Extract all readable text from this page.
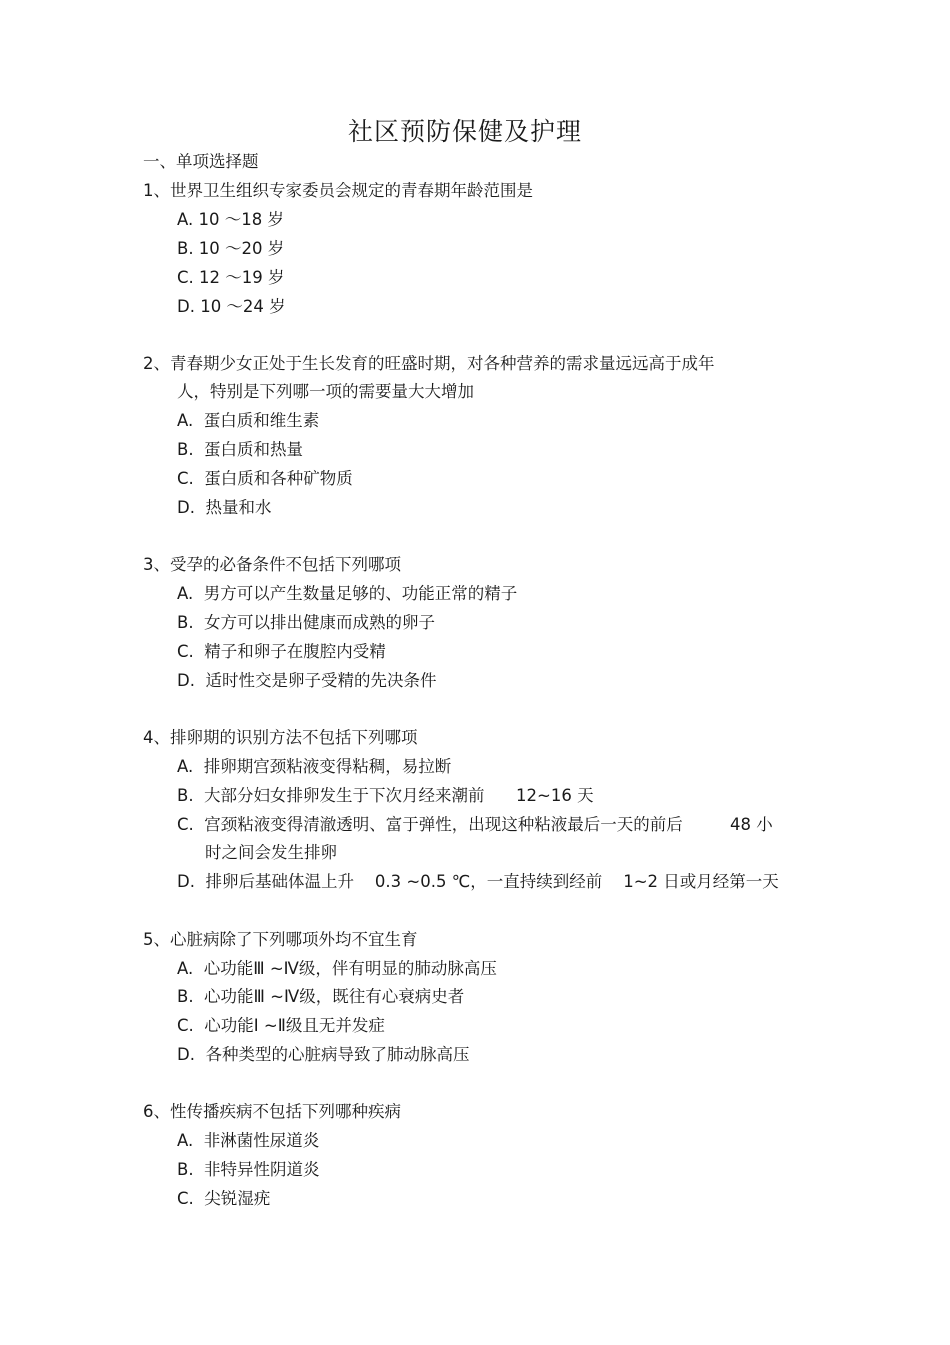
社区预防保健及护理
一、单项选择题
1、世界卫生组织专家委员会规定的青春期年龄范围是
A. 10 ～18 岁
B. 10 ～20 岁
C. 12 ～19 岁
D. 10 ～24 岁
2、青春期少女正处于生长发育的旺盛时期，对各种营养的需求量远远高于成年
人，特别是下列哪一项的需要量大大增加
A.  蛋白质和维生素
B.  蛋白质和热量
C.  蛋白质和各种矿物质
D.  热量和水
3、受孕的必备条件不包括下列哪项
A.  男方可以产生数量足够的、功能正常的精子
B.  女方可以排出健康而成熟的卵子
C.  精子和卵子在腹腔内受精
D.  适时性交是卵子受精的先决条件
4、排卵期的识别方法不包括下列哪项
A.  排卵期宫颈粘液变得粘稠，易拉断
B.  大部分妇女排卵发生于下次月经来潮前      12~16 天
C.  宫颈粘液变得清澈透明、富于弹性，出现这种粘液最后一天的前后         48 小
时之间会发生排卵
D.  排卵后基础体温上升    0.3 ~0.5 ℃，一直持续到经前    1~2 日或月经第一天
5、心脏病除了下列哪项外均不宜生育
A.  心功能Ⅲ ~Ⅳ级，伴有明显的肺动脉高压
B.  心功能Ⅲ ~Ⅳ级，既往有心衰病史者
C.  心功能Ⅰ ~Ⅱ级且无并发症
D.  各种类型的心脏病导致了肺动脉高压
6、性传播疾病不包括下列哪种疾病
A.  非淋菌性尿道炎
B.  非特异性阴道炎
C.  尖锐湿疣
